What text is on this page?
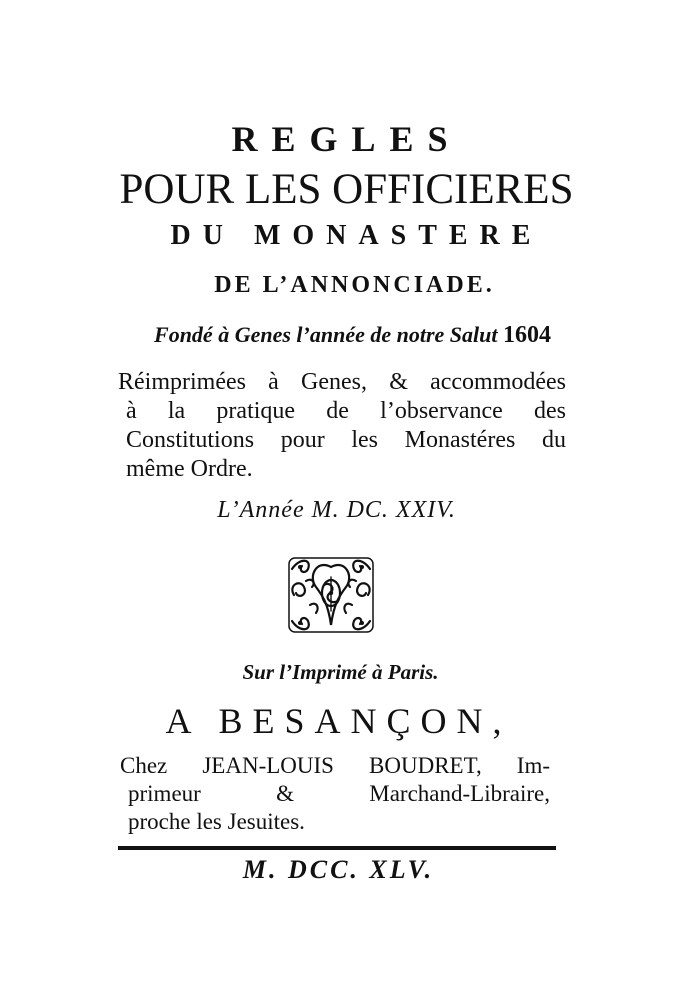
REGLES
POUR LES OFFICIERES
DU MONASTERE
DE L’ANNONCIADE.
Fondé à Genes l’année de notre Salut 1604
Réimprimées à Genes, & accommodées
à la pratique de l’observance des
Constitutions pour les Monastéres du
même Ordre.
L’Année M. DC. XXIV.
Sur l’Imprimé à Paris.
A BESANÇON,
Chez JEAN-LOUIS BOUDRET, Im-
primeur & Marchand-Libraire,
proche les Jesuites.
M. DCC. XLV.
